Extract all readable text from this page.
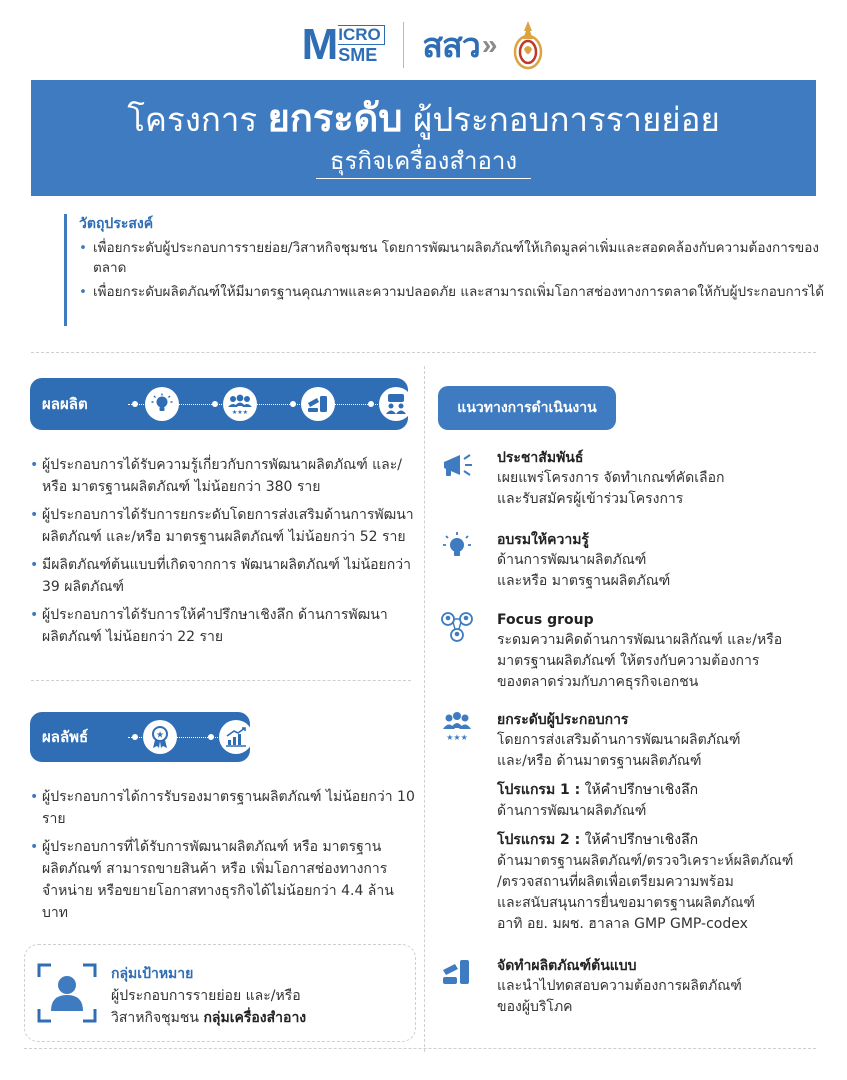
M ICRO
SME สสว »
โครงการ ยกระดับ ผู้ประกอบการรายย่อย
ธุรกิจเครื่องสำอาง
วัตถุประสงค์
• เพื่อยกระดับผู้ประกอบการรายย่อย/วิสาหกิจชุมชน โดยการพัฒนาผลิตภัณฑ์ให้เกิดมูลค่าเพิ่มและสอดคล้องกับความต้องการของตลาด
• เพื่อยกระดับผลิตภัณฑ์ให้มีมาตรฐานคุณภาพและความปลอดภัย และสามารถเพิ่มโอกาสช่องทางการตลาดให้กับผู้ประกอบการได้
ผลผลิต	★★★
• ผู้ประกอบการได้รับความรู้เกี่ยวกับการพัฒนาผลิตภัณฑ์ และ/หรือ มาตรฐานผลิตภัณฑ์ ไม่น้อยกว่า 380 ราย
• ผู้ประกอบการได้รับการยกระดับโดยการส่งเสริมด้านการพัฒนาผลิตภัณฑ์ และ/หรือ มาตรฐานผลิตภัณฑ์ ไม่น้อยกว่า 52 ราย
• มีผลิตภัณฑ์ต้นแบบที่เกิดจากการ พัฒนาผลิตภัณฑ์ ไม่น้อยกว่า 39 ผลิตภัณฑ์
• ผู้ประกอบการได้รับการให้คำปรึกษาเชิงลึก ด้านการพัฒนาผลิตภัณฑ์ ไม่น้อยกว่า 22 ราย
ผลลัพธ์	★
• ผู้ประกอบการได้การรับรองมาตรฐานผลิตภัณฑ์ ไม่น้อยกว่า 10 ราย
• ผู้ประกอบการที่ได้รับการพัฒนาผลิตภัณฑ์ หรือ มาตรฐานผลิตภัณฑ์ สามารถขายสินค้า หรือ เพิ่มโอกาสช่องทางการจำหน่าย หรือขยายโอกาสทางธุรกิจได้ไม่น้อยกว่า 4.4 ล้านบาท
กลุ่มเป้าหมาย
ผู้ประกอบการรายย่อย และ/หรือ
วิสาหกิจชุมชน กลุ่มเครื่องสำอาง
แนวทางการดำเนินงาน
ประชาสัมพันธ์
เผยแพร่โครงการ จัดทำเกณฑ์คัดเลือก
และรับสมัครผู้เข้าร่วมโครงการ
อบรมให้ความรู้
ด้านการพัฒนาผลิตภัณฑ์
และหรือ มาตรฐานผลิตภัณฑ์
Focus group
ระดมความคิดด้านการพัฒนาผลิกัณฑ์ และ/หรือ
มาตรฐานผลิตภัณฑ์ ให้ตรงกับความต้องการ
ของตลาดร่วมกับภาคธุรกิจเอกชน
★★★
ยกระดับผู้ประกอบการ
โดยการส่งเสริมด้านการพัฒนาผลิตภัณฑ์
และ/หรือ ด้านมาตรฐานผลิตภัณฑ์
โปรแกรม 1 : ให้คำปรึกษาเชิงลึก
ด้านการพัฒนาผลิตภัณฑ์
โปรแกรม 2 : ให้คำปรึกษาเชิงลึก
ด้านมาตรฐานผลิตภัณฑ์/ตรวจวิเคราะห์ผลิตภัณฑ์
/ตรวจสถานที่ผลิตเพื่อเตรียมความพร้อม
และสนับสนุนการยื่นขอมาตรฐานผลิตภัณฑ์
อาทิ อย. มผช. ฮาลาล GMP GMP-codex
จัดทำผลิตภัณฑ์ต้นแบบ
และนำไปทดสอบความต้องการผลิตภัณฑ์
ของผู้บริโภค
